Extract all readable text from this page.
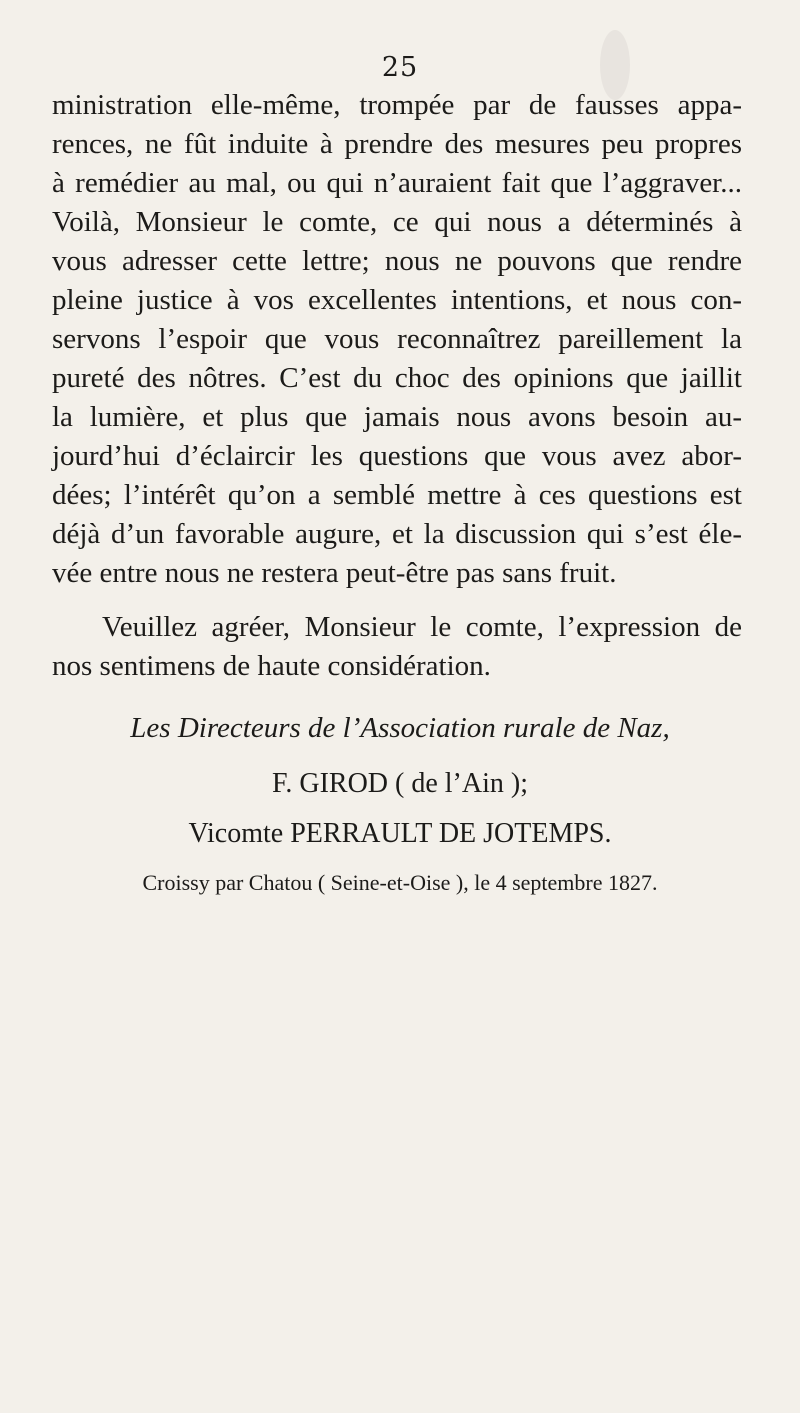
25
ministration elle-même, trompée par de fausses appa-
rences, ne fût induite à prendre des mesures peu propres
à remédier au mal, ou qui n’auraient fait que l’aggraver...
Voilà, Monsieur le comte, ce qui nous a déterminés à
vous adresser cette lettre; nous ne pouvons que rendre
pleine justice à vos excellentes intentions, et nous con-
servons l’espoir que vous reconnaîtrez pareillement la
pureté des nôtres. C’est du choc des opinions que jaillit
la lumière, et plus que jamais nous avons besoin au-
jourd’hui d’éclaircir les questions que vous avez abor-
dées; l’intérêt qu’on a semblé mettre à ces questions est
déjà d’un favorable augure, et la discussion qui s’est éle-
vée entre nous ne restera peut-être pas sans fruit.
Veuillez agréer, Monsieur le comte, l’expression de
nos sentimens de haute considération.
Les Directeurs de l’Association rurale de Naz,
F. GIROD ( de l’Ain );
Vicomte PERRAULT DE JOTEMPS.
Croissy par Chatou ( Seine-et-Oise ), le 4 septembre 1827.
